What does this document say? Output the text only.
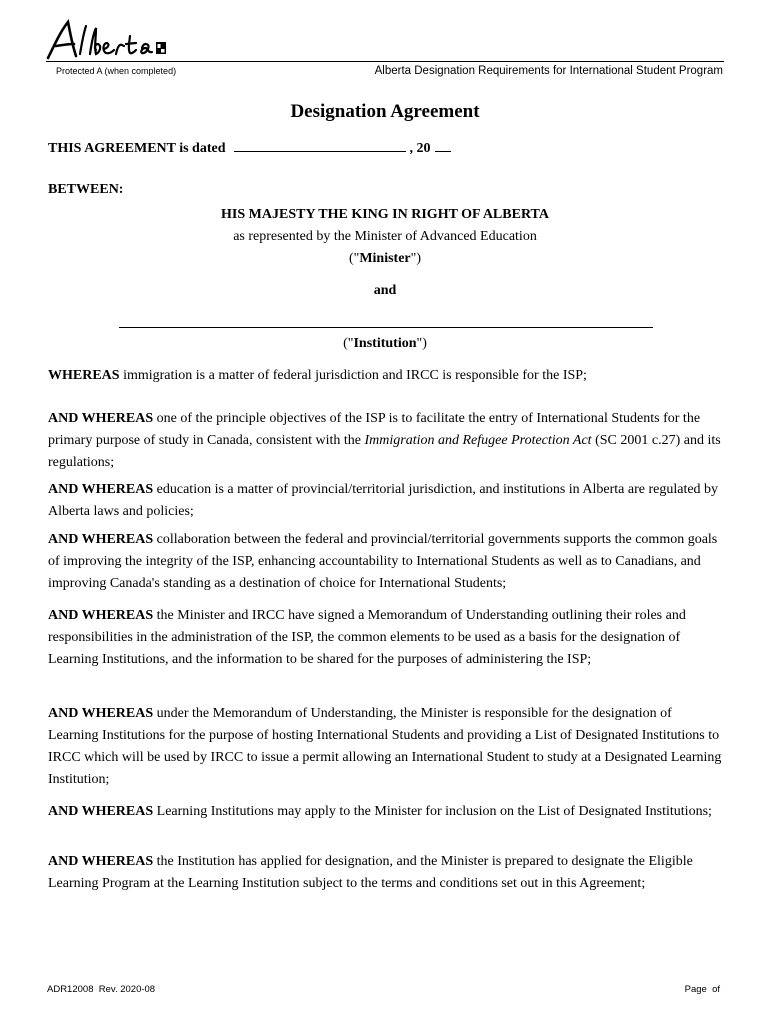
Protected A (when completed)	Alberta Designation Requirements for International Student Program
Designation Agreement
THIS AGREEMENT is dated	, 20
BETWEEN:
HIS MAJESTY THE KING IN RIGHT OF ALBERTA
as represented by the Minister of Advanced Education
("Minister")
and
("Institution")
WHEREAS immigration is a matter of federal jurisdiction and IRCC is responsible for the ISP;
AND WHEREAS one of the principle objectives of the ISP is to facilitate the entry of International Students for the primary purpose of study in Canada, consistent with the Immigration and Refugee Protection Act (SC 2001 c.27) and its regulations;
AND WHEREAS education is a matter of provincial/territorial jurisdiction, and institutions in Alberta are regulated by Alberta laws and policies;
AND WHEREAS collaboration between the federal and provincial/territorial governments supports the common goals of improving the integrity of the ISP, enhancing accountability to International Students as well as to Canadians, and improving Canada's standing as a destination of choice for International Students;
AND WHEREAS the Minister and IRCC have signed a Memorandum of Understanding outlining their roles and responsibilities in the administration of the ISP, the common elements to be used as a basis for the designation of Learning Institutions, and the information to be shared for the purposes of administering the ISP;
AND WHEREAS under the Memorandum of Understanding, the Minister is responsible for the designation of Learning Institutions for the purpose of hosting International Students and providing a List of Designated Institutions to IRCC which will be used by IRCC to issue a permit allowing an International Student to study at a Designated Learning Institution;
AND WHEREAS Learning Institutions may apply to the Minister for inclusion on the List of Designated Institutions;
AND WHEREAS the Institution has applied for designation, and the Minister is prepared to designate the Eligible Learning Program at the Learning Institution subject to the terms and conditions set out in this Agreement;
ADR12008  Rev. 2020-08	Page  of
